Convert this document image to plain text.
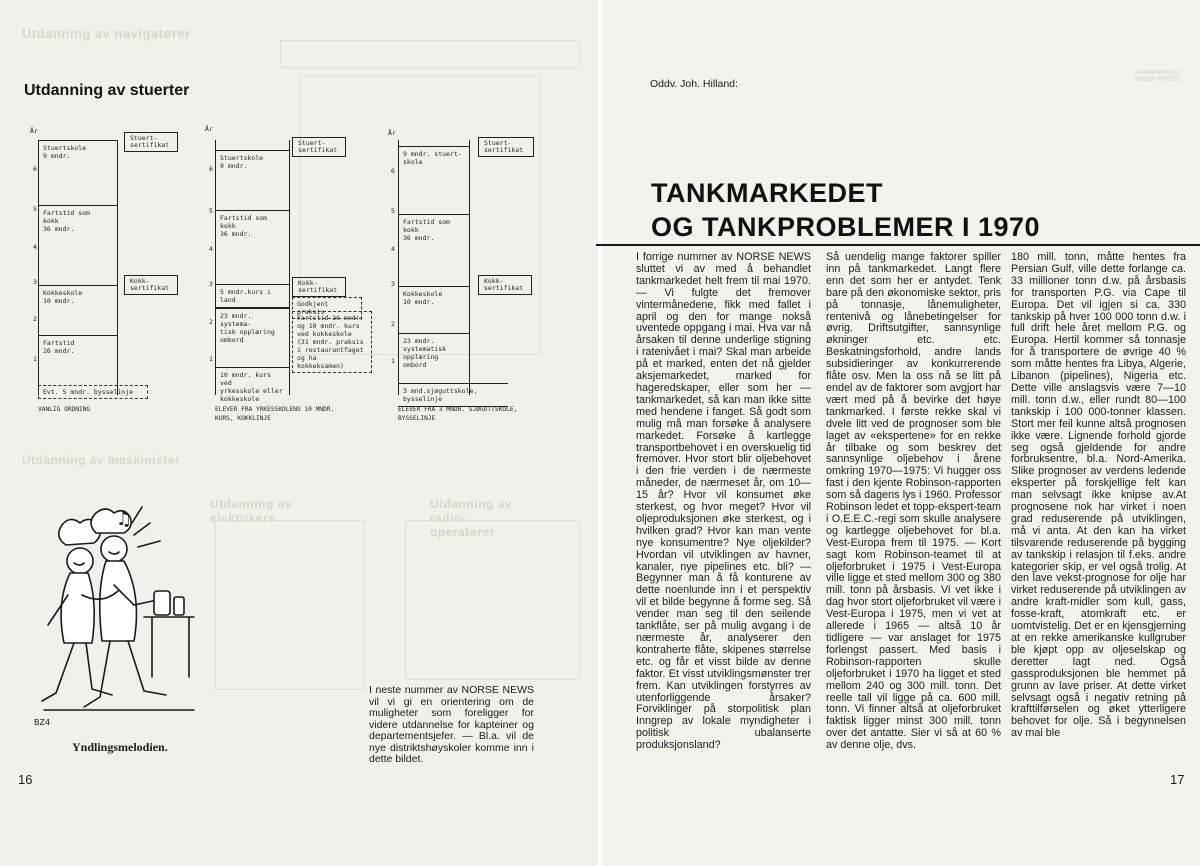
Utdanning av navigatører
Utdanning av maskinister
Utdanning av elektrikere
Utdanning av radio-operatører
Utdanning av stuerter
År
Stuertskole
9 mndr.
Fartstid som
kokk
36 mndr.
Kokkeskole
10 mndr.
Fartstid
26 mndr.
Evt. 5 mndr. bysselinje
Stuert-
sertifikat
Kokk-
sertifikat
6
5
4
3
2
1
VANLIG ORDNING
År
Stuertskole
9 mndr.
Fartstid som
kokk
36 mndr.
5 mndr.kurs i land
23 mndr. systema-
tisk opplæring
ombord
10 mndr. kurs ved
yrkesskole eller
kokkeskole
Stuert-
sertifikat
Kokk-
sertifikat
Godkjent praksis
Fartstid 26 mndr.
og 10 mndr. kurs
ved kokkeskole
(31 mndr. praksis
i restaurantfaget
og ha kokkeksamen)
6
5
4
3
2
1
ELEVER FRA YRKESSKOLENS 10 MNDR.
KURS, KOKKLINJE
År
9 mndr. stuert-
skole
Fartstid som
kokk
36 mndr.
Kokkeskole
10 mndr.
23 mndr. systematisk
opplæring
ombord
3 mnd.sjøguttskole, bysselinje
Stuert-
sertifikat
Kokk-
sertifikat
6
5
4
3
2
1
ELEVER FRA 3 MNDR. SJØGUTTSKOLE,
BYSSELINJE
♫
BZ4
Yndlingsmelodien.
I neste nummer av NORSE NEWS vil vi gi en orientering om de muligheter som foreligger for videre utdannelse for kapteiner og departementsjefer. — Bl.a. vil de nye distriktshøyskoler komme inn i dette bildet.
16
TANKMARKEDET UNDER PRESSE
Oddv. Joh. Hilland:
TANKMARKEDET
OG TANKPROBLEMER I 1970

I forrige nummer av NORSE NEWS sluttet vi av med å behandlet tankmarkedet helt frem til mai 1970. — Vi fulgte det fremover vintermånedene, fikk med fallet i april og den for mange nokså uventede oppgang i mai. Hva var nå årsaken til denne underlige stigning i ratenivået i mai? Skal man arbeide på et marked, enten det nå gjelder aksjemarkedet, marked for hageredskaper, eller som her — tankmarkedet, så kan man ikke sitte med hendene i fanget. Så godt som mulig må man forsøke å analysere markedet. Forsøke å kartlegge transportbehovet i en overskuelig tid fremover. Hvor stort blir oljebehovet i den frie verden i de nærmeste måneder, de nærmeset år, om 10—15 år? Hvor vil konsumet øke sterkest, og hvor meget? Hvor vil oljeproduksjonen øke sterkest, og i hvilken grad? Hvor kan man vente nye konsumentre? Nye oljekilder? Hvordan vil utviklingen av havner, kanaler, nye pipelines etc. bli? — Begynner man å få konturene av dette noenlunde inn i et perspektiv vil et bilde begynne å forme seg. Så vender man seg til den seilende tankflåte, ser på mulig avgang i de nærmeste år, analyserer den kontraherte flåte, skipenes størrelse etc. og får et visst bilde av denne faktor. Et visst utviklingsmønster trer frem. Kan utviklingen forstyrres av utenforliggende årsaker? Forviklinger på storpolitisk plan Inngrep av lokale myndigheter i politisk ubalanserte produksjonsland?

Så uendelig mange faktorer spiller inn på tankmarkedet. Langt flere enn det som her er antydet. Tenk bare på den økonomiske sektor, pris på tonnasje, lånemuligheter, rentenivå og lånebetingelser for øvrig. Driftsutgifter, sannsynlige økninger etc. etc. Beskatningsforhold, andre lands subsidieringer av konkurrerende flåte osv. Men la oss nå se litt på endel av de faktorer som avgjort har vært med på å bevirke det høye tankmarked. I første rekke skal vi dvele litt ved de prognoser som ble laget av «ekspertene» for en rekke år tilbake og som beskrev det sannsynlige oljebehov i årene omkring 1970—1975: Vi hugger oss fast i den kjente Robinson-rapporten som så dagens lys i 1960. Professor Robinson ledet et topp-ekspert-team i O.E.E.C.-regi som skulle analysere og kartlegge oljebehovet for bl.a. Vest-Europa frem til 1975. — Kort sagt kom Robinson-teamet til at oljeforbruket i 1975 i Vest-Europa ville ligge et sted mellom 300 og 380 mill. tonn på årsbasis. Vi vet ikke i dag hvor stort oljeforbruket vil være i Vest-Europa i 1975, men vi vet at allerede i 1965 — altså 10 år tidligere — var anslaget for 1975 forlengst passert. Med basis i Robinson-rapporten skulle oljeforbruket i 1970 ha ligget et sted mellom 240 og 300 mill. tonn. Det reelle tall vil ligge på ca. 600 mill. tonn. Vi finner altså at oljeforbruket faktisk ligger minst 300 mill. tonn over det antatte. Sier vi så at 60 % av denne olje, dvs.

180 mill. tonn, måtte hentes fra Persian Gulf, ville dette forlange ca. 33 millioner tonn d.w. på årsbasis for transporten P.G. via Cape til Europa. Det vil igjen si ca. 330 tankskip på hver 100 000 tonn d.w. i full drift hele året mellom P.G. og Europa. Hertil kommer så tonnasje for å transportere de øvrige 40 % som måtte hentes fra Libya, Algerie, Libanon (pipelines), Nigeria etc. Dette ville anslagsvis være 7—10 mill. tonn d.w., eller rundt 80—100 tankskip i 100 000-tonner klassen. Stort mer feil kunne altså prognosen ikke være. Lignende forhold gjorde seg også gjeldende for andre forbruksentre, bl.a. Nord-Amerika. Slike prognoser av verdens ledende eksperter på forskjellige felt kan man selvsagt ikke knipse av.At prognosene nok har virket i noen grad reduserende på utviklingen, må vi anta. At den kan ha virket tilsvarende reduserende på bygging av tankskip i relasjon til f.eks. andre kategorier skip, er vel også trolig. At den lave vekst-prognose for olje har virket reduserende på utviklingen av andre kraft-midler som kull, gass, fosse-kraft, atomkraft etc. er uomtvistelig. Det er en kjensgjerning at en rekke amerikanske kullgruber ble kjøpt opp av oljeselskap og deretter lagt ned. Også gassproduksjonen ble hemmet på grunn av lave priser. At dette virket selvsagt også i negativ retning på krafttilførselen og øket ytterligere behovet for olje. Så i begynnelsen av mai ble

17
